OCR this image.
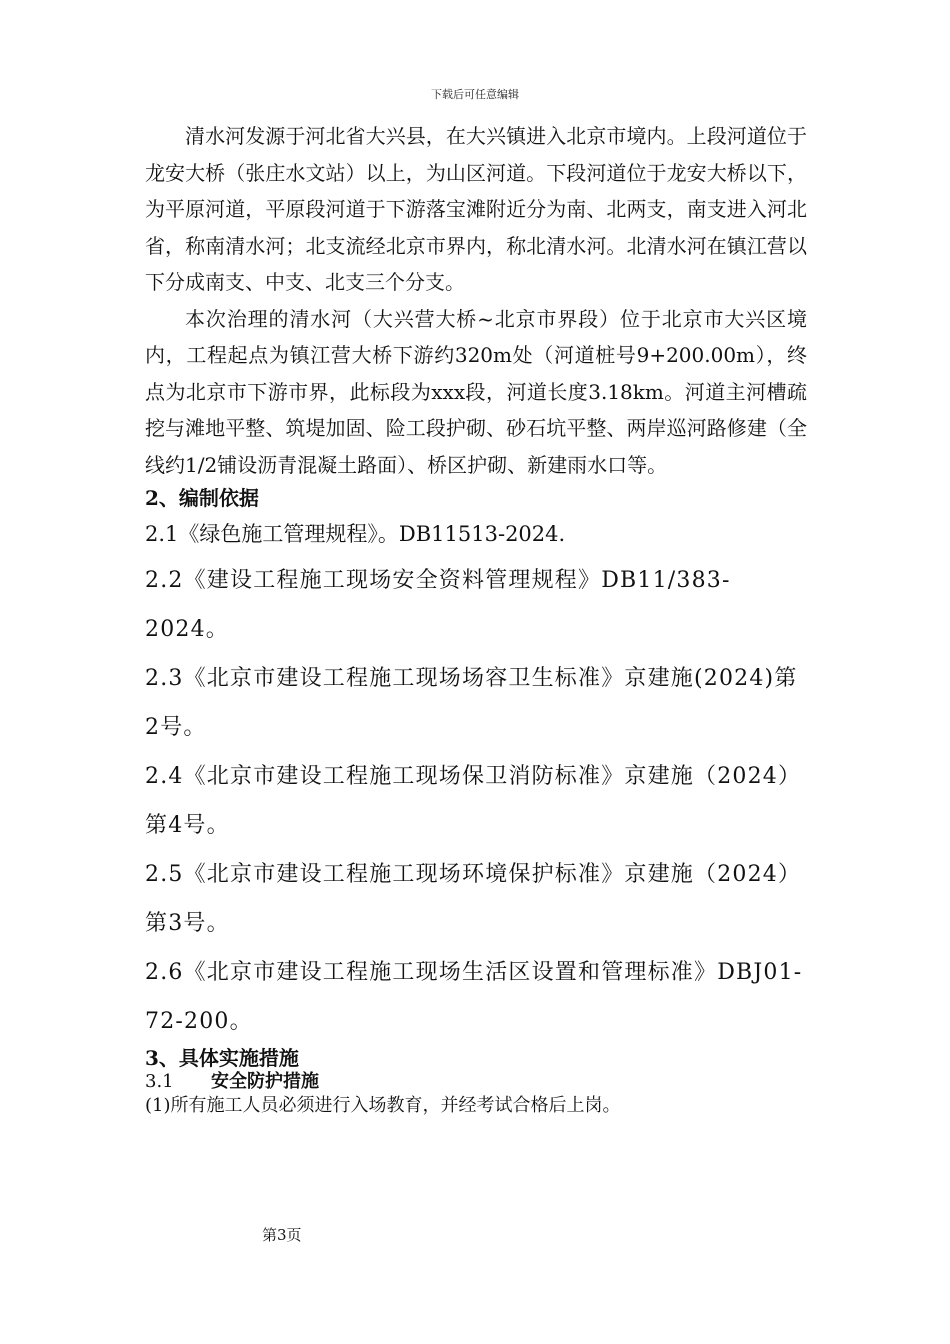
下载后可任意编辑

清水河发源于河北省大兴县，在大兴镇进入北京市境内。上段河道位于龙安大桥（张庄水文站）以上，为山区河道。下段河道位于龙安大桥以下，为平原河道，平原段河道于下游落宝滩附近分为南、北两支，南支进入河北省，称南清水河；北支流经北京市界内，称北清水河。北清水河在镇江营以下分成南支、中支、北支三个分支。

本次治理的清水河（大兴营大桥~北京市界段）位于北京市大兴区境内，工程起点为镇江营大桥下游约320m处（河道桩号9+200.00m），终点为北京市下游市界，此标段为xxx段，河道长度3.18km。河道主河槽疏挖与滩地平整、筑堤加固、险工段护砌、砂石坑平整、两岸巡河路修建（全线约1/2铺设沥青混凝土路面）、桥区护砌、新建雨水口等。

2、编制依据

2.1《绿色施工管理规程》。DB11513-2024.

2.2《建设工程施工现场安全资料管理规程》DB11/383-2024。

2.3《北京市建设工程施工现场场容卫生标准》京建施(2024)第2号。

2.4《北京市建设工程施工现场保卫消防标准》京建施（2024）第4号。

2.5《北京市建设工程施工现场环境保护标准》京建施（2024）第3号。

2.6《北京市建设工程施工现场生活区设置和管理标准》DBJ01-72-200。

3、具体实施措施

3.1 安全防护措施

(1)所有施工人员必须进行入场教育，并经考试合格后上岗。

第3页
